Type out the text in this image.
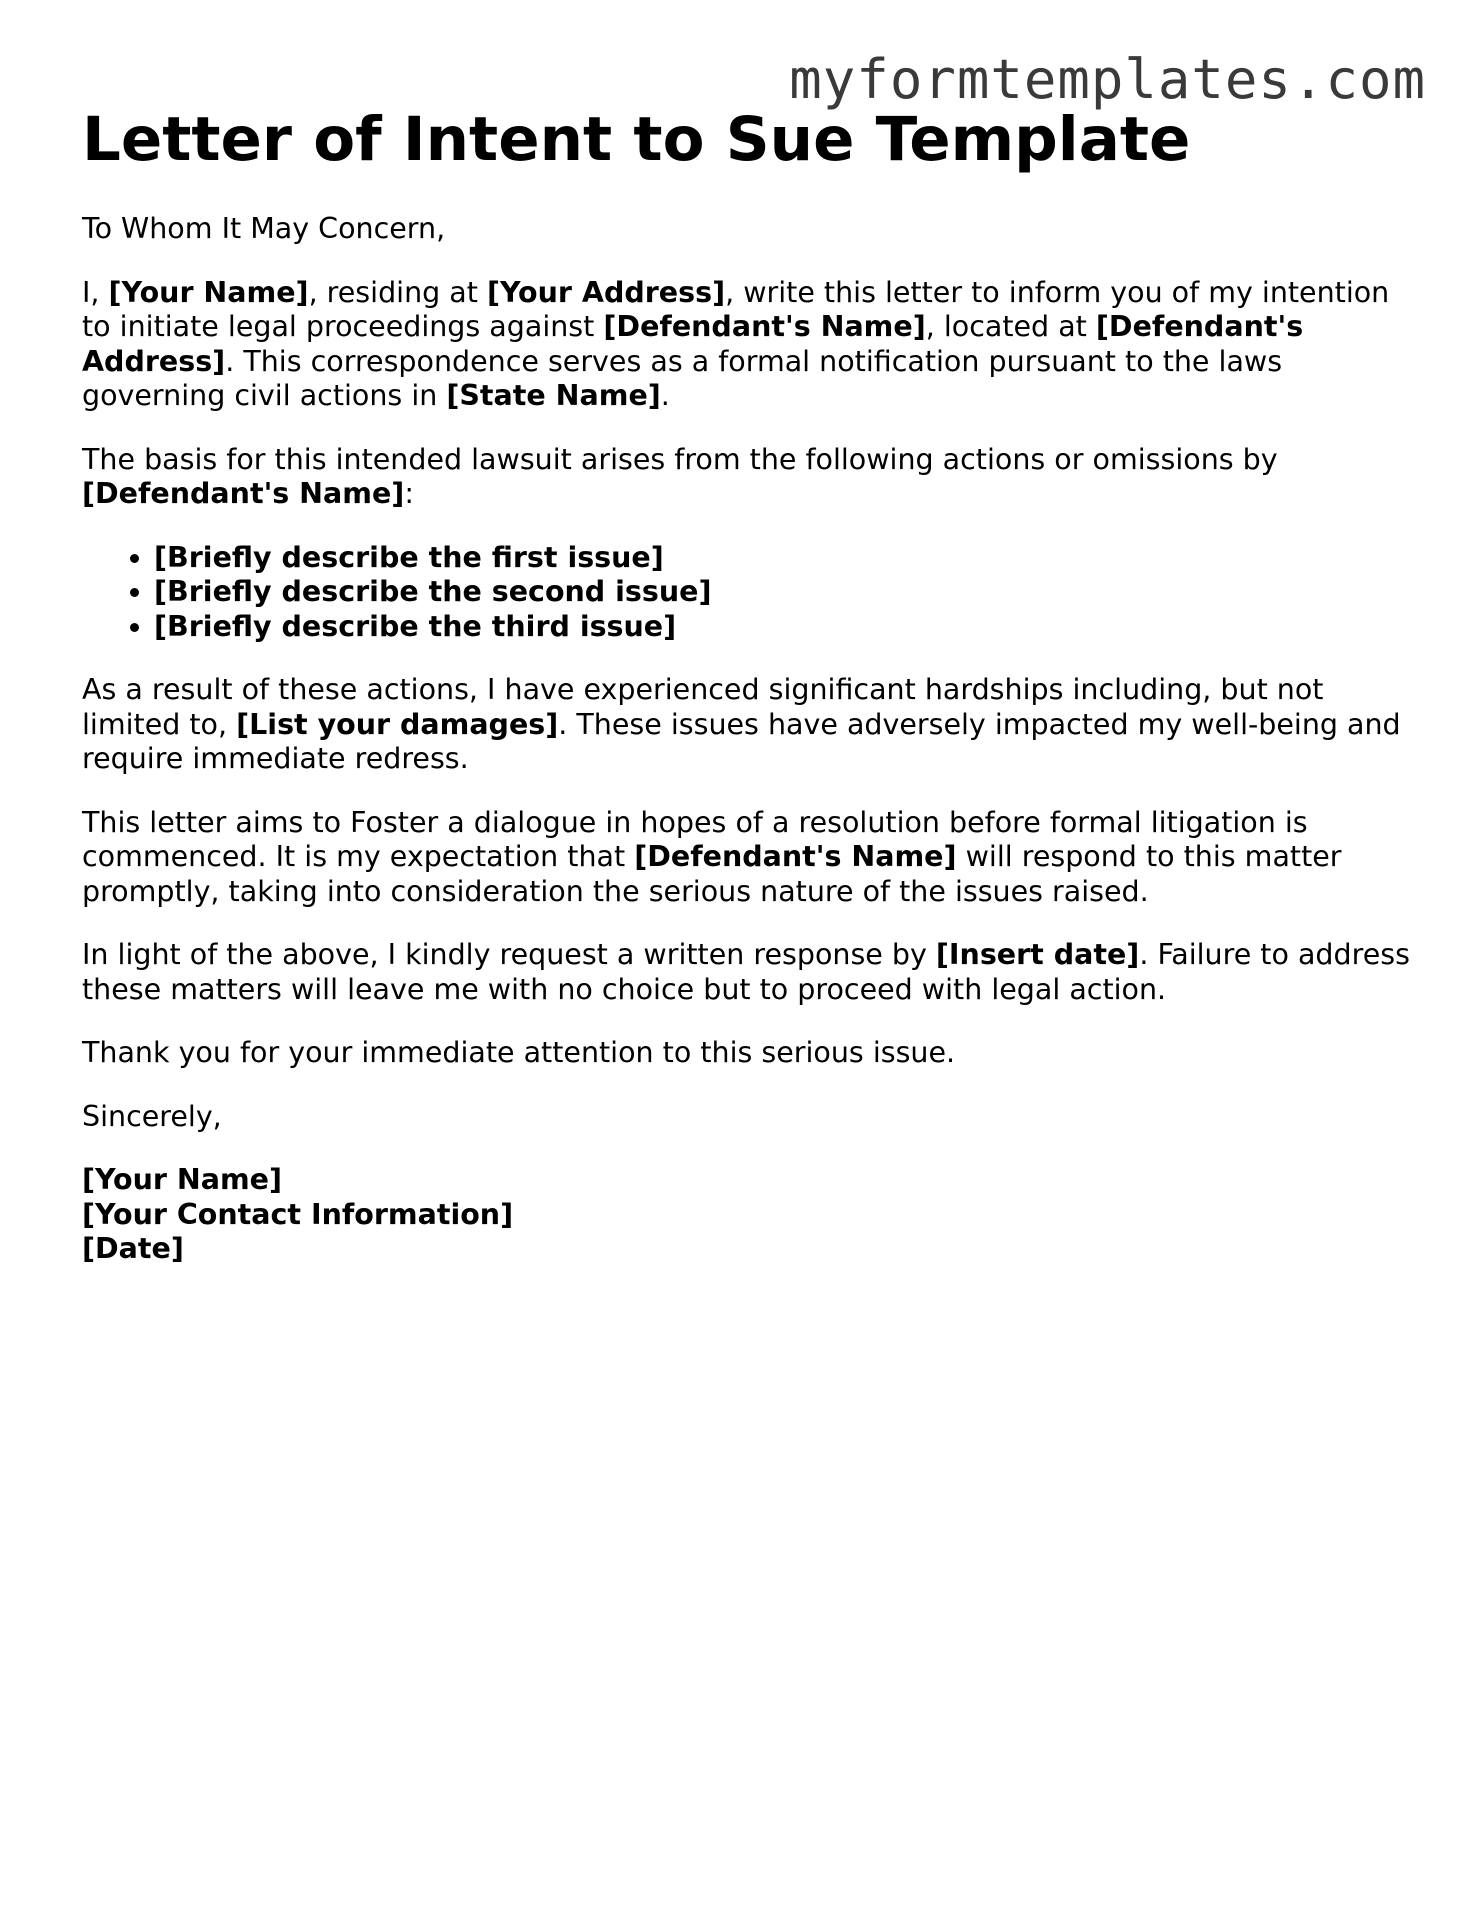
myformtemplates.com
Letter of Intent to Sue Template

To Whom It May Concern,

I, [Your Name], residing at [Your Address], write this letter to inform you of my intention to initiate legal proceedings against [Defendant's Name], located at [Defendant's Address]. This correspondence serves as a formal notification pursuant to the laws governing civil actions in [State Name].

The basis for this intended lawsuit arises from the following actions or omissions by [Defendant's Name]:

• [Briefly describe the first issue]
• [Briefly describe the second issue]
• [Briefly describe the third issue]

As a result of these actions, I have experienced significant hardships including, but not limited to, [List your damages]. These issues have adversely impacted my well-being and require immediate redress.

This letter aims to Foster a dialogue in hopes of a resolution before formal litigation is commenced. It is my expectation that [Defendant's Name] will respond to this matter promptly, taking into consideration the serious nature of the issues raised.

In light of the above, I kindly request a written response by [Insert date]. Failure to address these matters will leave me with no choice but to proceed with legal action.

Thank you for your immediate attention to this serious issue.

Sincerely,

[Your Name]
[Your Contact Information]
[Date]
